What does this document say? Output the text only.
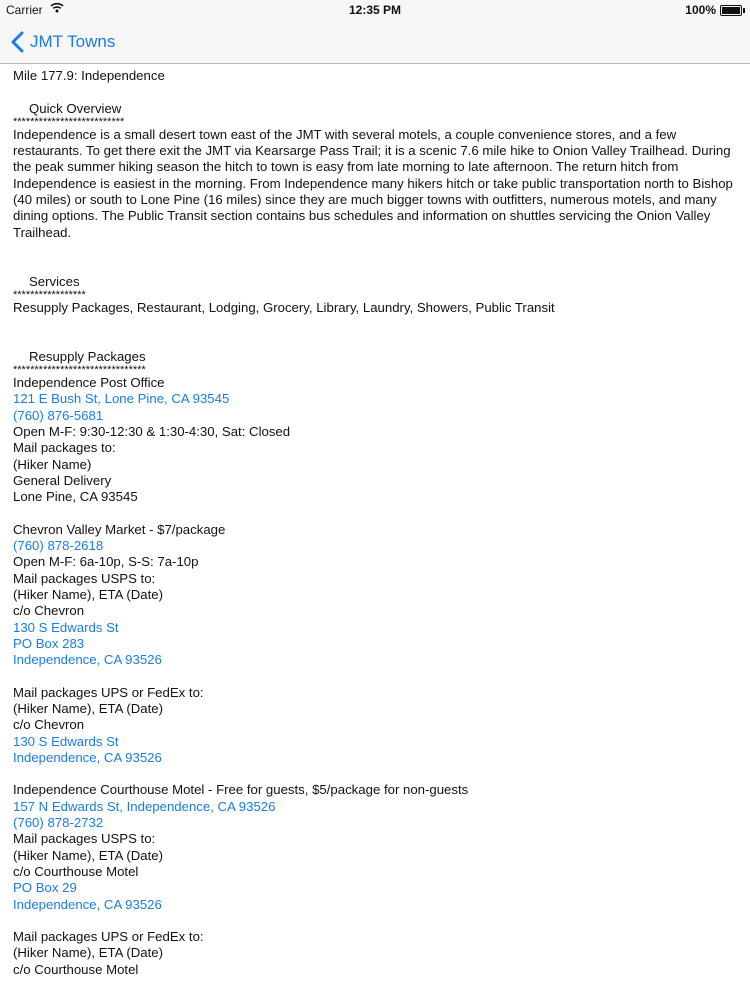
Carrier	12:35 PM	100%
JMT Towns
Mile 177.9: Independence
Quick Overview
**************************
Independence is a small desert town east of the JMT with several motels, a couple convenience stores, and a few restaurants. To get there exit the JMT via Kearsarge Pass Trail; it is a scenic 7.6 mile hike to Onion Valley Trailhead. During the peak summer hiking season the hitch to town is easy from late morning to late afternoon. The return hitch from Independence is easiest in the morning. From Independence many hikers hitch or take public transportation north to Bishop (40 miles) or south to Lone Pine (16 miles) since they are much bigger towns with outfitters, numerous motels, and many dining options. The Public Transit section contains bus schedules and information on shuttles servicing the Onion Valley Trailhead.
Services
*****************
Resupply Packages, Restaurant, Lodging, Grocery, Library, Laundry, Showers, Public Transit
Resupply Packages
*******************************
Independence Post Office
121 E Bush St, Lone Pine, CA 93545
(760) 876-5681
Open M-F: 9:30-12:30 & 1:30-4:30, Sat: Closed
Mail packages to:
(Hiker Name)
General Delivery
Lone Pine, CA 93545
Chevron Valley Market - $7/package
(760) 878-2618
Open M-F: 6a-10p, S-S: 7a-10p
Mail packages USPS to:
(Hiker Name), ETA (Date)
c/o Chevron
130 S Edwards St
PO Box 283
Independence, CA 93526
Mail packages UPS or FedEx to:
(Hiker Name), ETA (Date)
c/o Chevron
130 S Edwards St
Independence, CA 93526
Independence Courthouse Motel - Free for guests, $5/package for non-guests
157 N Edwards St, Independence, CA 93526
(760) 878-2732
Mail packages USPS to:
(Hiker Name), ETA (Date)
c/o Courthouse Motel
PO Box 29
Independence, CA 93526
Mail packages UPS or FedEx to:
(Hiker Name), ETA (Date)
c/o Courthouse Motel
